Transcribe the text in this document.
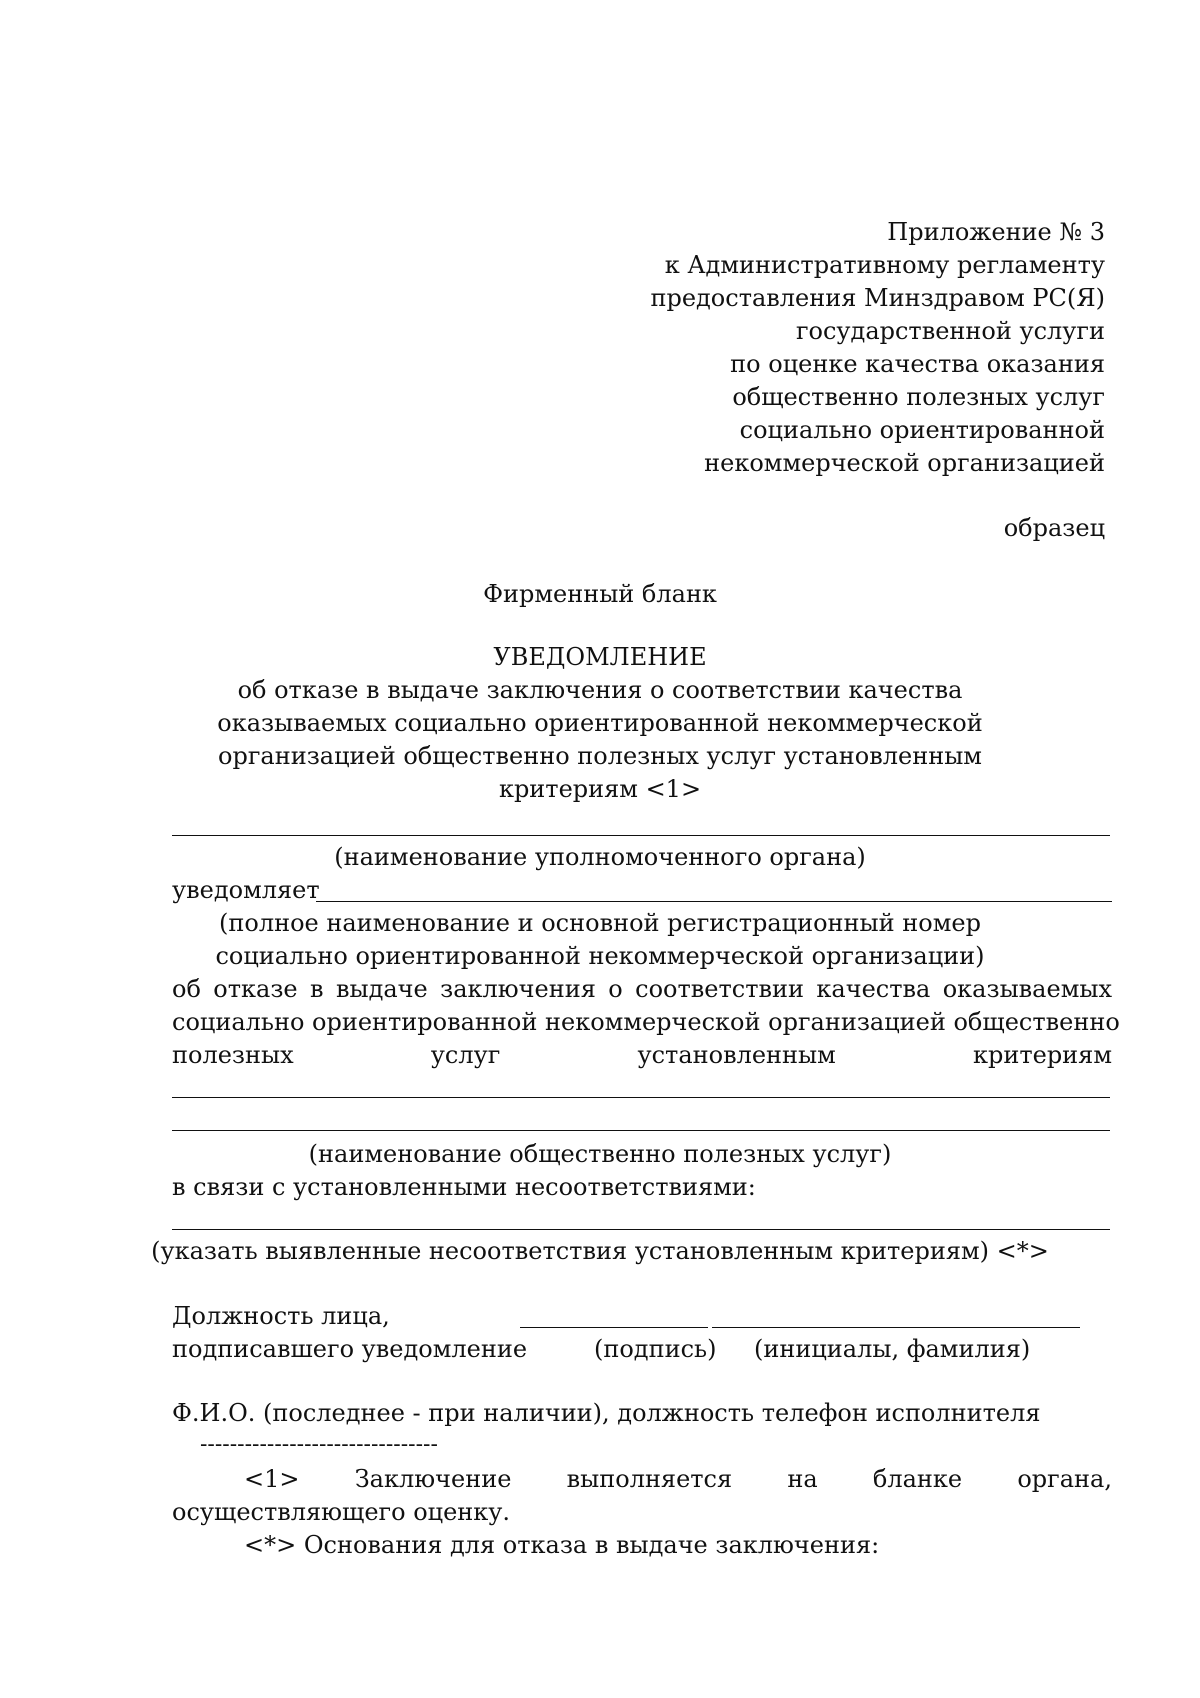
Приложение № 3
к Административному регламенту
предоставления Минздравом РС(Я)
государственной услуги
по оценке качества оказания
общественно полезных услуг
социально ориентированной
некоммерческой организацией
образец
Фирменный бланк
УВЕДОМЛЕНИЕ
об отказе в выдаче заключения о соответствии качества
оказываемых социально ориентированной некоммерческой
организацией общественно полезных услуг установленным
критериям <1>
(наименование уполномоченного органа)
уведомляет
(полное наименование и основной регистрационный номер
социально ориентированной некоммерческой организации)
об отказе в выдаче заключения о соответствии качества оказываемых
социально ориентированной некоммерческой организацией общественно
полезных услуг установленным критериям
(наименование общественно полезных услуг)
в связи с установленными несоответствиями:
(указать выявленные несоответствия установленным критериям) <*>
Должность лица,
подписавшего уведомление	(подпись) (инициалы, фамилия)
Ф.И.О. (последнее - при наличии), должность телефон исполнителя
--------------------------------
<1> Заключение выполняется на бланке органа, осуществляющего оценку.
<*> Основания для отказа в выдаче заключения:
